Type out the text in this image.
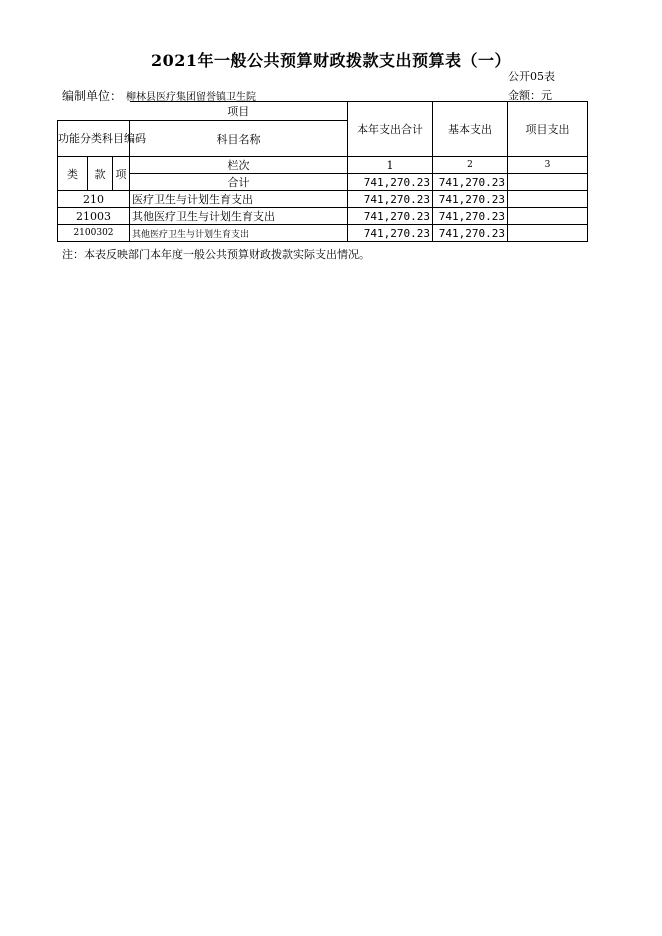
2021年一般公共预算财政拨款支出预算表（一）
公开05表
编制单位： 柳林县医疗集团留誉镇卫生院	金额：元
			项目	本年支出合计	基本支出	项目支出
功能分类科目编码			科目名称			
类	款	项	栏次	1	2	3
			合计	741,270.23	741,270.23	
210			医疗卫生与计划生育支出	741,270.23	741,270.23	
21003			其他医疗卫生与计划生育支出	741,270.23	741,270.23	
2100302			其他医疗卫生与计划生育支出	741,270.23	741,270.23	
注：本表反映部门本年度一般公共预算财政拨款实际支出情况。
